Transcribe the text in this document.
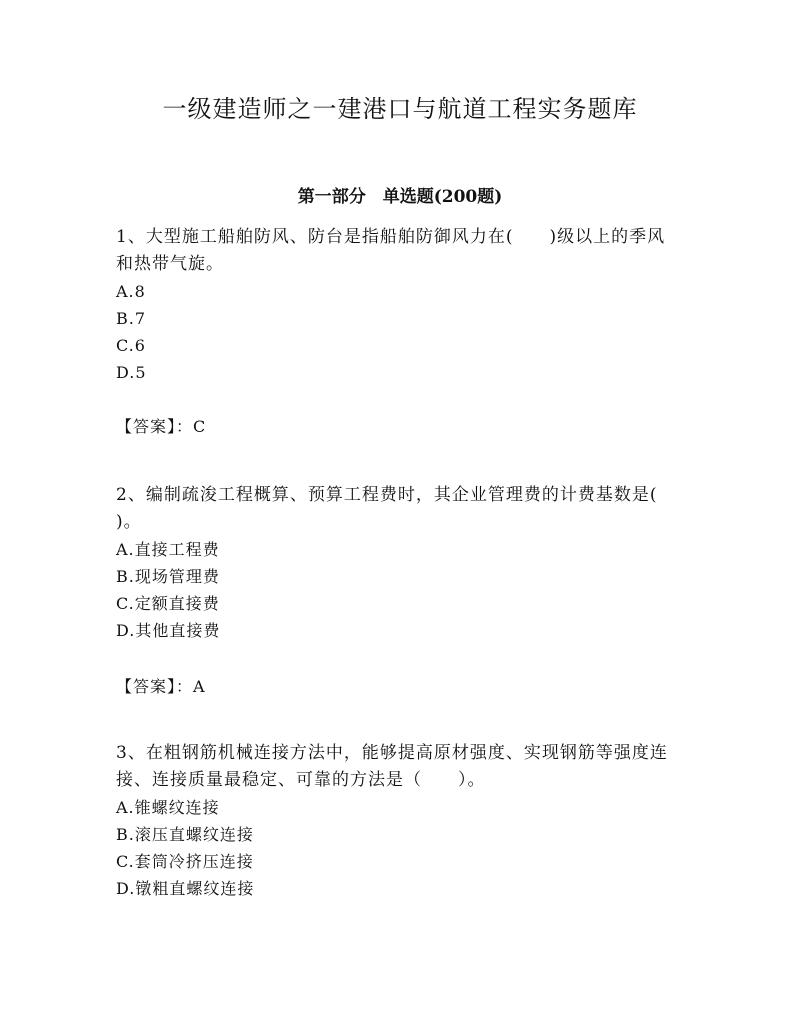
一级建造师之一建港口与航道工程实务题库
第一部分　单选题(200题)

1、大型施工船舶防风、防台是指船舶防御风力在(　　)级以上的季风

和热带气旋。

A.8

B.7

C.6

D.5

【答案】：C

2、编制疏浚工程概算、预算工程费时，其企业管理费的计费基数是(

)。

A.直接工程费

B.现场管理费

C.定额直接费

D.其他直接费

【答案】：A

3、在粗钢筋机械连接方法中，能够提高原材强度、实现钢筋等强度连

接、连接质量最稳定、可靠的方法是（　　）。

A.锥螺纹连接

B.滚压直螺纹连接

C.套筒冷挤压连接

D.镦粗直螺纹连接
